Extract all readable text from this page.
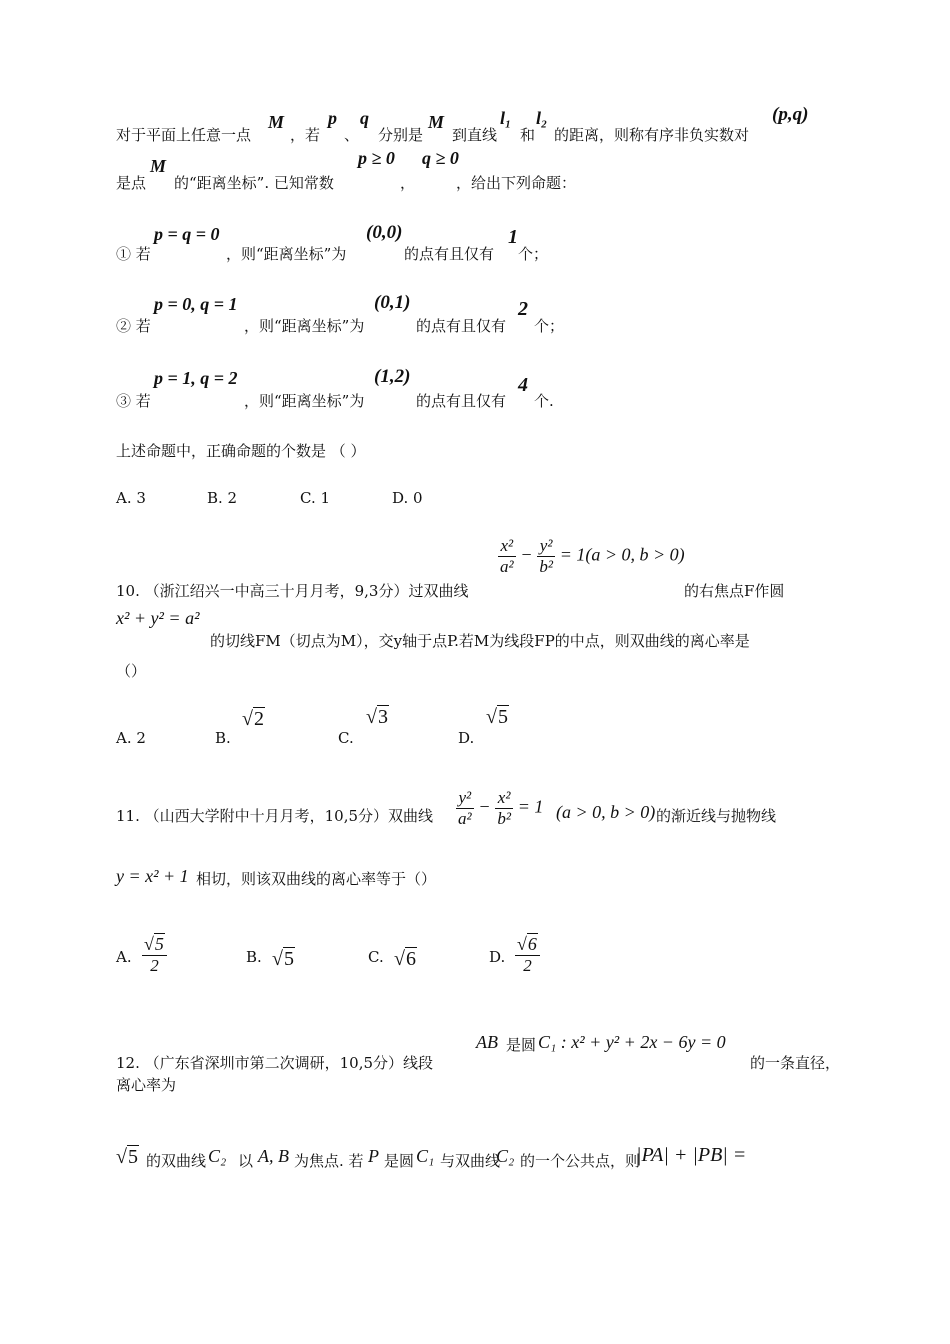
对于平面上任意一点
M
，若
p
、
q
分别是
M
到直线
l₁
和
l₂
的距离，则称有序非负实数对
(p,q)
是点
M
的“距离坐标”. 已知常数
p ≥ 0
，
q ≥ 0
，给出下列命题：
① 若
p = q = 0
，则“距离坐标”为
(0,0)
的点有且仅有
1
个；
② 若
p = 0, q = 1
，则“距离坐标”为
(0,1)
的点有且仅有
2
个；
③ 若
p = 1, q = 2
，则“距离坐标”为
(1,2)
的点有且仅有
4
个.
上述命题中，正确命题的个数是 （ ）
A. 3	B. 2	C. 1	D. 0
10. （浙江绍兴一中高三十月月考，9,3分）过双曲线
$\frac{\text{x²}}{\text{a²}} - \frac{\text{y²}}{\text{b²}} = 1(a > 0$, b > 0)
的右焦点F作圆
x² + y² = a²
的切线FM（切点为M），交y轴于点P.若M为线段FP的中点，则双曲线的离心率是
（）
A. 2	B.
√2
C.
√3
D.
√5
11. （山西大学附中十月月考，10,5分）双曲线 $\frac{\text{y²}}{\text{a²}} - \frac{\text{x²}}{\text{b²}} = 1$ (a > 0, b > 0) 的渐近线与抛物线
y = x² + 1 相切，则该双曲线的离心率等于（）
A. $\frac{√5}{2}$	B. √5	C. √6	D. $\frac{√6}{2}$
12. （广东省深圳市第二次调研，10,5分）线段
AB 是圆 C₁ : x² + y² + 2x − 6y = 0
的一条直径，
离心率为
√5 的双曲线 C₂ 以 A, B 为焦点. 若 P 是圆 C₁ 与双曲线
C₂ 的一个公共点，则
|PA| + |PB| =
